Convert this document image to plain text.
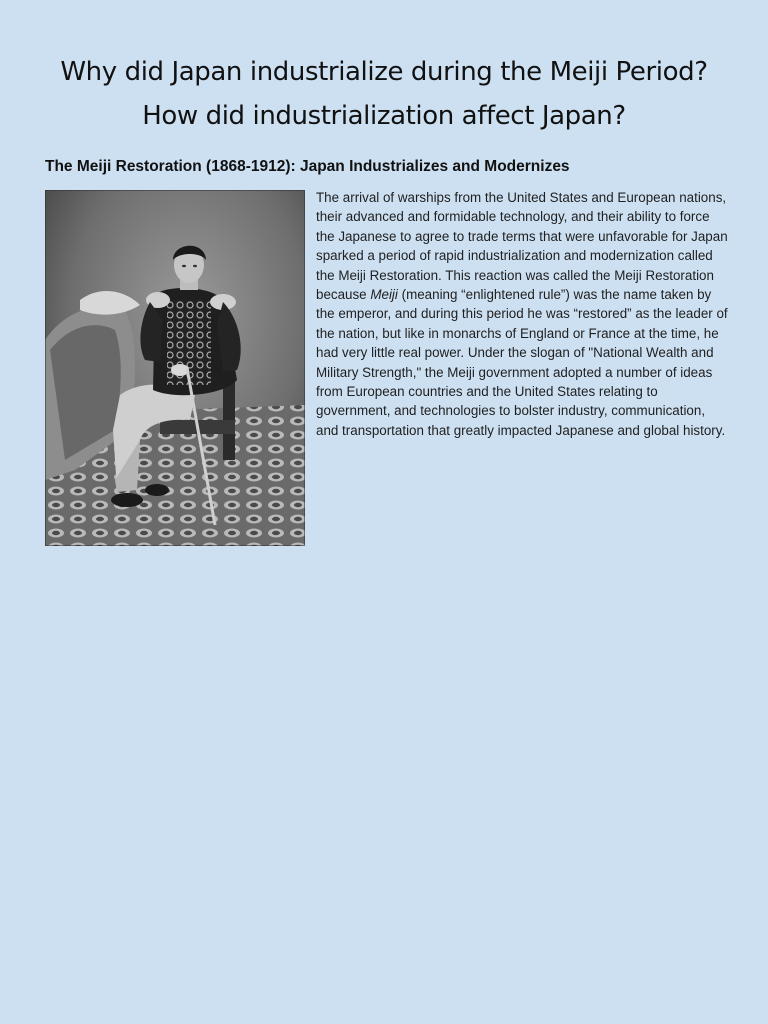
Why did Japan industrialize during the Meiji Period?
How did industrialization affect Japan?
The Meiji Restoration (1868-1912): Japan Industrializes and Modernizes

The arrival of warships from the United States and European nations, their advanced and formidable technology, and their ability to force the Japanese to agree to trade terms that were unfavorable for Japan sparked a period of rapid industrialization and modernization called the Meiji Restoration. This reaction was called the Meiji Restoration because Meiji (meaning “enlightened rule”) was the name taken by the emperor, and during this period he was “restored” as the leader of the nation, but like in monarchs of England or France at the time, he had very little real power. Under the slogan of "National Wealth and Military Strength," the Meiji government adopted a number of ideas from European countries and the United States relating to government, and technologies to bolster industry, communication, and transportation that greatly impacted Japanese and global history.
